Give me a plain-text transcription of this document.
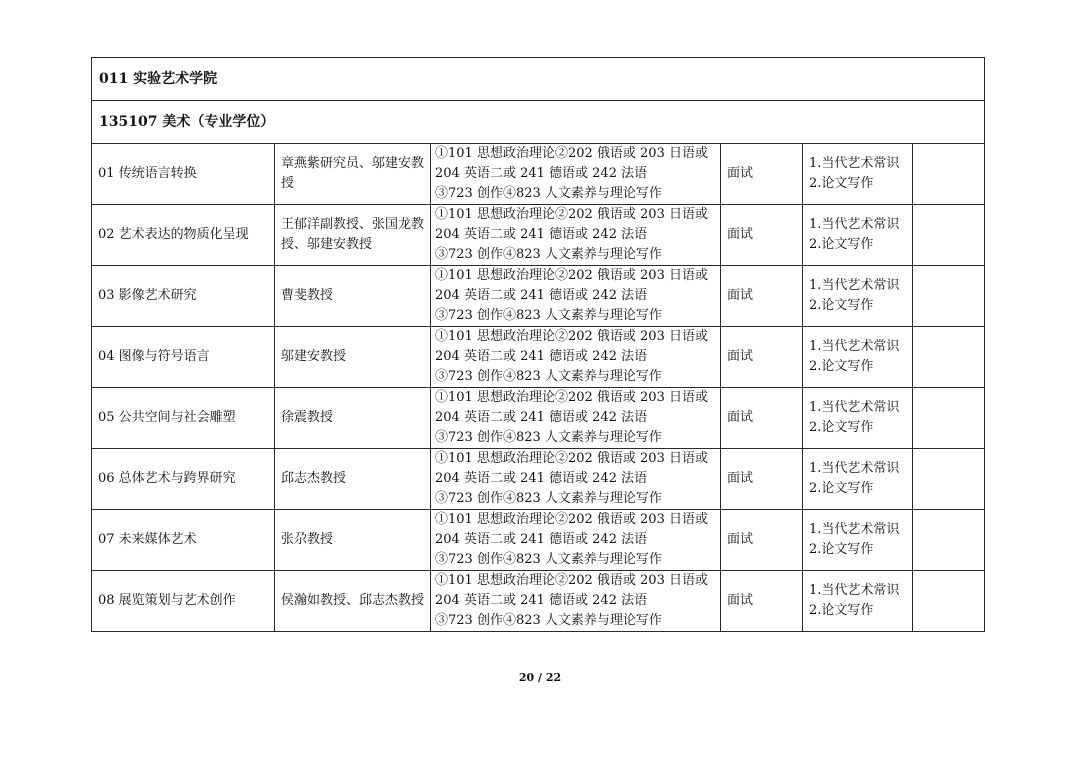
011 实验艺术学院					
135107 美术（专业学位）					
01 传统语言转换	章燕紫研究员、邬建安教授	①101 思想政治理论②202 俄语或 203 日语或
204 英语二或 241 德语或 242 法语
③723 创作④823 人文素养与理论写作	面试	1.当代艺术常识
2.论文写作	

02 艺术表达的物质化呈现	王郁洋副教授、张国龙教授、邬建安教授	①101 思想政治理论②202 俄语或 203 日语或
204 英语二或 241 德语或 242 法语
③723 创作④823 人文素养与理论写作	面试	1.当代艺术常识
2.论文写作	

03 影像艺术研究	曹斐教授	①101 思想政治理论②202 俄语或 203 日语或
204 英语二或 241 德语或 242 法语
③723 创作④823 人文素养与理论写作	面试	1.当代艺术常识
2.论文写作	

04 图像与符号语言	邬建安教授	①101 思想政治理论②202 俄语或 203 日语或
204 英语二或 241 德语或 242 法语
③723 创作④823 人文素养与理论写作	面试	1.当代艺术常识
2.论文写作	

05 公共空间与社会雕塑	徐震教授	①101 思想政治理论②202 俄语或 203 日语或
204 英语二或 241 德语或 242 法语
③723 创作④823 人文素养与理论写作	面试	1.当代艺术常识
2.论文写作	

06 总体艺术与跨界研究	邱志杰教授	①101 思想政治理论②202 俄语或 203 日语或
204 英语二或 241 德语或 242 法语
③723 创作④823 人文素养与理论写作	面试	1.当代艺术常识
2.论文写作	

07 未来媒体艺术	张尕教授	①101 思想政治理论②202 俄语或 203 日语或
204 英语二或 241 德语或 242 法语
③723 创作④823 人文素养与理论写作	面试	1.当代艺术常识
2.论文写作	

08 展览策划与艺术创作	侯瀚如教授、邱志杰教授	①101 思想政治理论②202 俄语或 203 日语或
204 英语二或 241 德语或 242 法语
③723 创作④823 人文素养与理论写作	面试	1.当代艺术常识
2.论文写作	

20 / 22
